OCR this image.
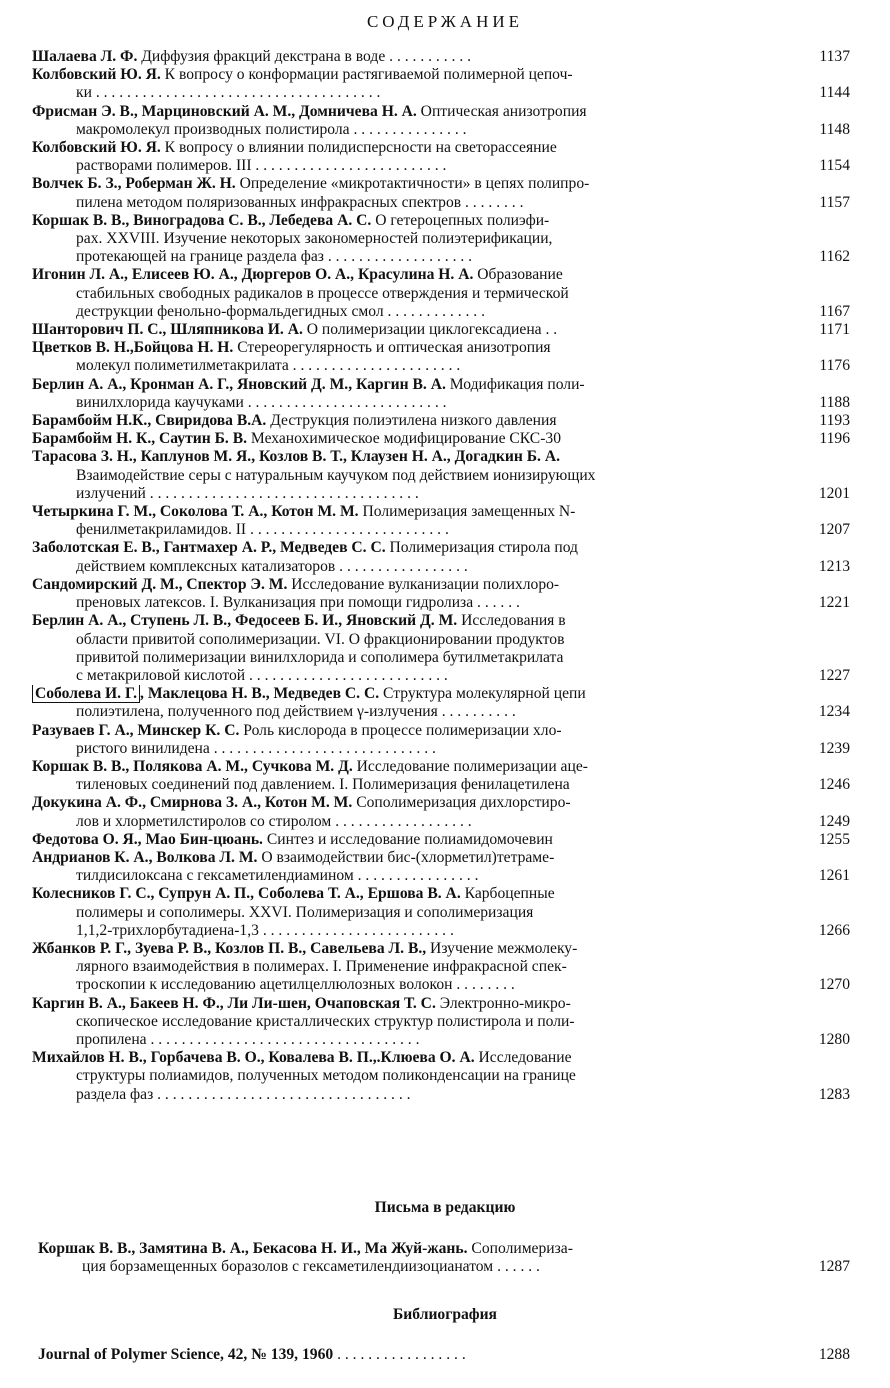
СОДЕРЖАНИЕ
Шалаева Л. Ф. Диффузия фракций декстрана в воде . . . . . . . . . . .	1137
Колбовский Ю. Я. К вопросу о конформации растягиваемой полимерной цепоч-
ки . . . . . . . . . . . . . . . . . . . . . . . . . . . . . . . . . . . . .	1144
Фрисман Э. В., Марциновский А. М., Домничева Н. А. Оптическая анизотропия
макромолекул производных полистирола . . . . . . . . . . . . . . .	1148
Колбовский Ю. Я. К вопросу о влиянии полидисперсности на светорассеяние
растворами полимеров. III . . . . . . . . . . . . . . . . . . . . . . . . .	1154
Волчек Б. З., Роберман Ж. Н. Определение «микротактичности» в цепях полипро-
пилена методом поляризованных инфракрасных спектров . . . . . . . .	1157
Коршак В. В., Виноградова С. В., Лебедева А. С. О гетероцепных полиэфи-
рах. XXVIII. Изучение некоторых закономерностей полиэтерификации,
протекающей на границе раздела фаз . . . . . . . . . . . . . . . . . . .	1162
Игонин Л. А., Елисеев Ю. А., Дюргеров О. А., Красулина Н. А. Образование
стабильных свободных радикалов в процессе отверждения и термической
деструкции фенольно-формальдегидных смол . . . . . . . . . . . . .	1167
Шанторович П. С., Шляпникова И. А. О полимеризации циклогексадиена . .	1171
Цветков В. Н.,Бойцова Н. Н. Стереорегулярность и оптическая анизотропия
молекул полиметилметакрилата . . . . . . . . . . . . . . . . . . . . . .	1176
Берлин А. А., Кронман А. Г., Яновский Д. М., Каргин В. А. Модификация поли-
винилхлорида каучуками . . . . . . . . . . . . . . . . . . . . . . . . . .	1188
Барамбойм Н.К., Свиридова В.А. Деструкция полиэтилена низкого давления	1193
Барамбойм Н. К., Саутин Б. В. Механохимическое модифицирование СКС-30	1196
Тарасова З. Н., Каплунов М. Я., Козлов В. Т., Клаузен Н. А., Догадкин Б. А.
Взаимодействие серы с натуральным каучуком под действием ионизирующих
излучений . . . . . . . . . . . . . . . . . . . . . . . . . . . . . . . . . . .	1201
Четыркина Г. М., Соколова Т. А., Котон М. М. Полимеризация замещенных N-
фенилметакриламидов. II . . . . . . . . . . . . . . . . . . . . . . . . . .	1207
Заболотская Е. В., Гантмахер А. Р., Медведев С. С. Полимеризация стирола под
действием комплексных катализаторов . . . . . . . . . . . . . . . . .	1213
Сандомирский Д. М., Спектор Э. М. Исследование вулканизации полихлоро-
преновых латексов. I. Вулканизация при помощи гидролиза . . . . . .	1221
Берлин А. А., Ступень Л. В., Федосеев Б. И., Яновский Д. М. Исследования в
области привитой сополимеризации. VI. О фракционировании продуктов
привитой полимеризации винилхлорида и сополимера бутилметакрилата
с метакриловой кислотой . . . . . . . . . . . . . . . . . . . . . . . . . .	1227
Соболева И. Г. , Маклецова Н. В., Медведев С. С. Структура молекулярной цепи
полиэтилена, полученного под действием γ-излучения . . . . . . . . . .	1234
Разуваев Г. А., Минскер К. С. Роль кислорода в процессе полимеризации хло-
ристого винилидена . . . . . . . . . . . . . . . . . . . . . . . . . . . . .	1239
Коршак В. В., Полякова А. М., Сучкова М. Д. Исследование полимеризации аце-
тиленовых соединений под давлением. I. Полимеризация фенилацетилена	1246
Докукина А. Ф., Смирнова З. А., Котон М. М. Сополимеризация дихлорстиро-
лов и хлорметилстиролов со стиролом . . . . . . . . . . . . . . . . . .	1249
Федотова О. Я., Мао Бин-цюань. Синтез и исследование полиамидомочевин	1255
Андрианов К. А., Волкова Л. М. О взаимодействии бис-(хлорметил)тетраме-
тилдисилоксана с гексаметилендиамином . . . . . . . . . . . . . . . .	1261
Колесников Г. С., Супрун А. П., Соболева Т. А., Ершова В. А. Карбоцепные
полимеры и сополимеры. XXVI. Полимеризация и сополимеризация
1,1,2-трихлорбутадиена-1,3 . . . . . . . . . . . . . . . . . . . . . . . . .	1266
Жбанков Р. Г., Зуева Р. В., Козлов П. В., Савельева Л. В., Изучение межмолеку-
лярного взаимодействия в полимерах. I. Применение инфракрасной спек-
троскопии к исследованию ацетилцеллюлозных волокон . . . . . . . .	1270
Каргин В. А., Бакеев Н. Ф., Ли Ли-шен, Очаповская Т. С. Электронно-микро-
скопическое исследование кристаллических структур полистирола и поли-
пропилена . . . . . . . . . . . . . . . . . . . . . . . . . . . . . . . . . . .	1280
Михайлов Н. В., Горбачева В. О., Ковалева В. П.,.Клюева О. А. Исследование
структуры полиамидов, полученных методом поликонденсации на границе
раздела фаз . . . . . . . . . . . . . . . . . . . . . . . . . . . . . . . . .	1283
Письма в редакцию
Коршак В. В., Замятина В. А., Бекасова Н. И., Ма Жуй-жань. Сополимериза-
ция борзамещенных боразолов с гексаметилендиизоцианатом . . . . . .	1287
Библиография
Journal of Polymer Science, 42, № 139, 1960 . . . . . . . . . . . . . . . . .	1288
